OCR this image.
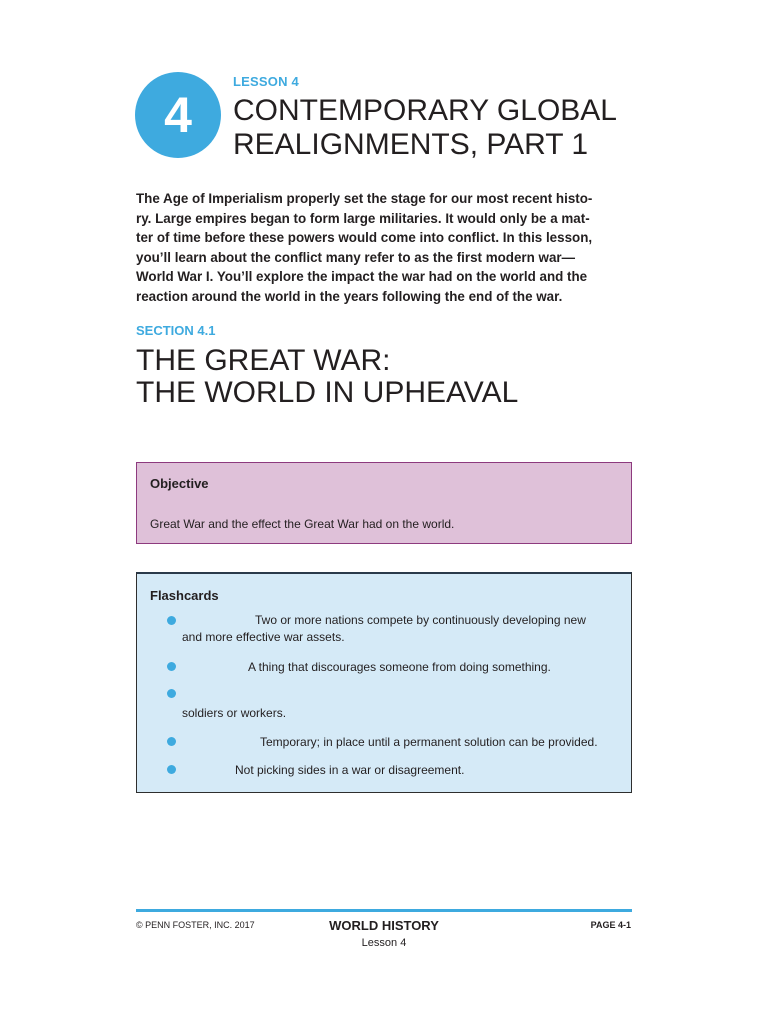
4
LESSON 4
CONTEMPORARY GLOBAL
REALIGNMENTS, PART 1

The Age of Imperialism properly set the stage for our most recent histo-
ry. Large empires began to form large militaries. It would only be a mat-
ter of time before these powers would come into conflict. In this lesson,
you’ll learn about the conflict many refer to as the first modern war—
World War I. You’ll explore the impact the war had on the world and the
reaction around the world in the years following the end of the war.

SECTION 4.1
THE GREAT WAR:
THE WORLD IN UPHEAVAL
Objective
Great War and the effect the Great War had on the world.
Flashcards
Two or more nations compete by continuously developing new
and more effective war assets.
A thing that discourages someone from doing something.
soldiers or workers.
Temporary; in place until a permanent solution can be provided.
Not picking sides in a war or disagreement.
© PENN FOSTER, INC. 2017	WORLD HISTORY
Lesson 4
PAGE 4-1
